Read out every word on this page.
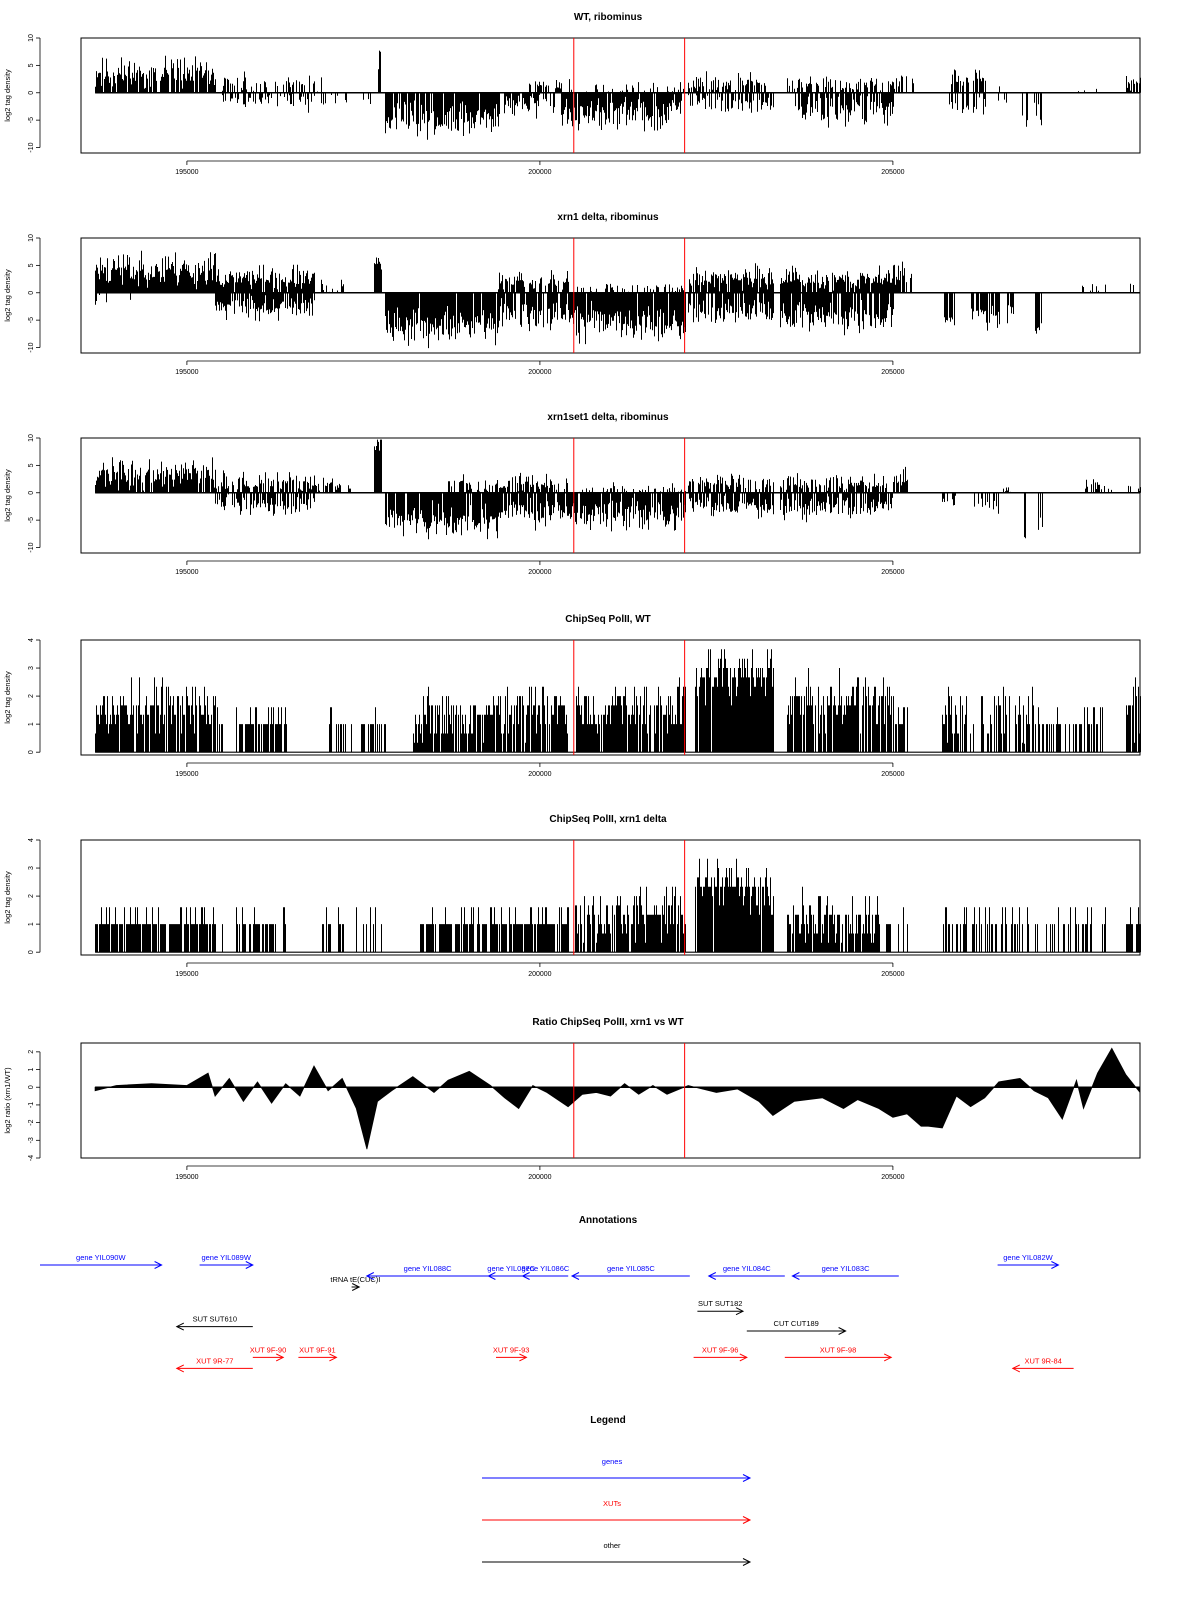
WT, ribominus
log2 tag density
10
5
0
-5
-10
195000	200000	205000
xrn1 delta, ribominus
log2 tag density
10
5
0
-5
-10
195000	200000	205000
xrn1set1 delta, ribominus
log2 tag density
10
5
0
-5
-10
195000	200000	205000
ChipSeq PolII, WT
log2 tag density
0
1
2
3
4
195000	200000	205000
ChipSeq PolII, xrn1 delta
log2 tag density
0
1
2
3
4
195000	200000	205000
Ratio ChipSeq PolII, xrn1 vs WT
log2 ratio (xrn1/WT)
2
1
0
-1
-2
-3
-4
195000	200000	205000
Annotations
gene YIL090W	gene YIL089W
tRNA tE(CUC)I
gene YIL088C	gene YIL087C
gene YIL086C	gene YIL085C	gene YIL084C	gene YIL083C
gene YIL082W
SUT SUT610
SUT SUT182
CUT CUT189
XUT 9R-77
XUT 9F-90 XUT 9F-91	XUT 9F-93	XUT 9F-96	XUT 9F-98
XUT 9R-84
Legend
genes
XUTs
other
